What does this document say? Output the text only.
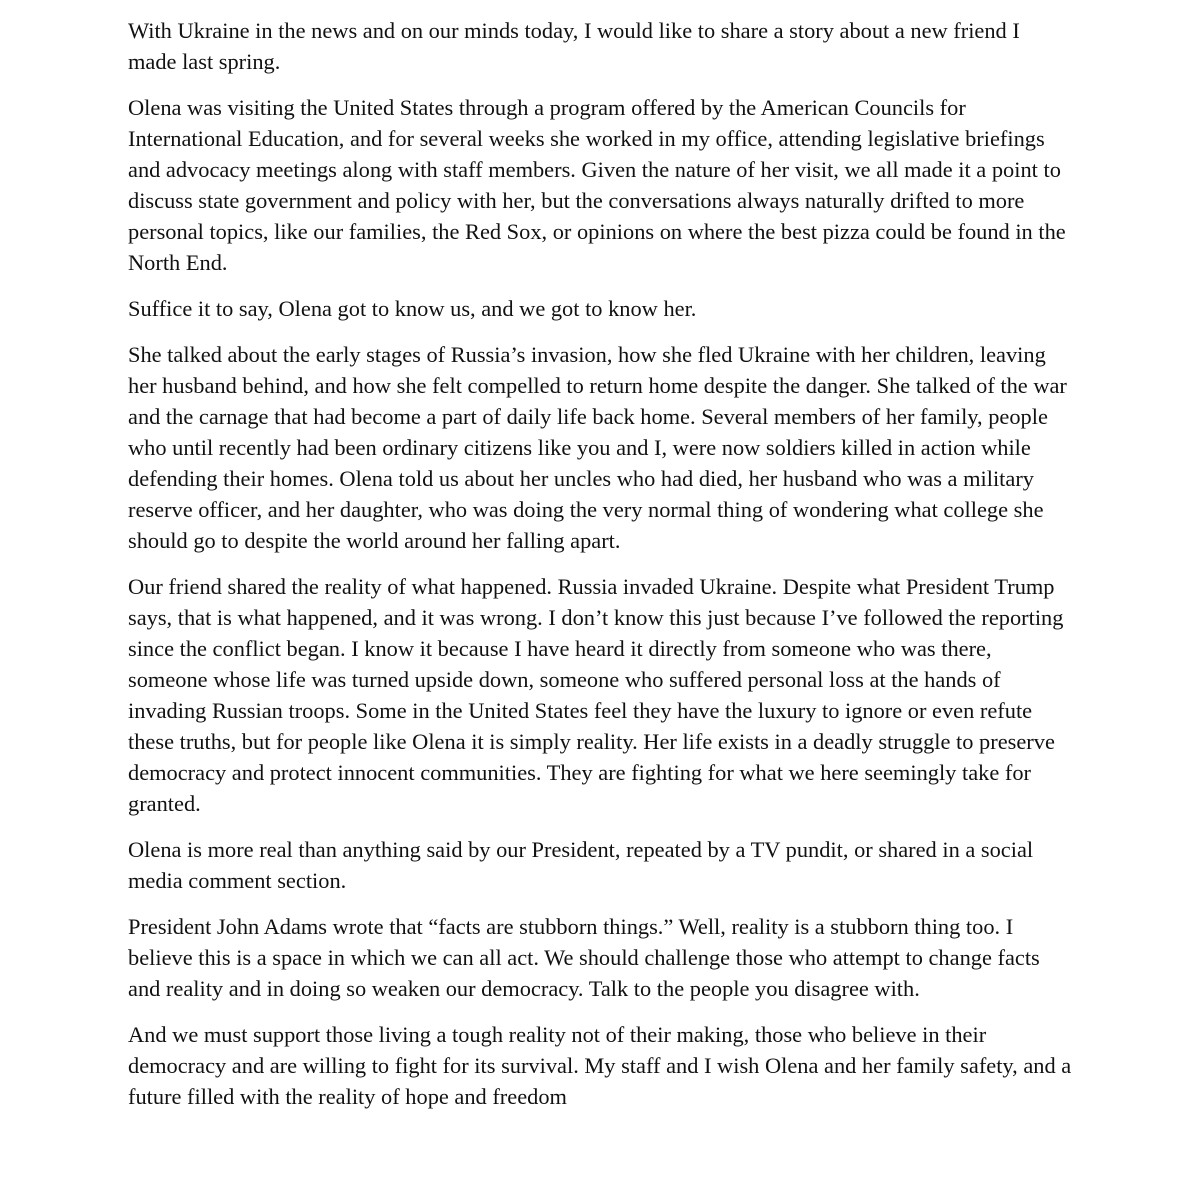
With Ukraine in the news and on our minds today, I would like to share a story about a new friend I made last spring.

Olena was visiting the United States through a program offered by the American Councils for International Education, and for several weeks she worked in my office, attending legislative briefings and advocacy meetings along with staff members. Given the nature of her visit, we all made it a point to discuss state government and policy with her, but the conversations always naturally drifted to more personal topics, like our families, the Red Sox, or opinions on where the best pizza could be found in the North End.

Suffice it to say, Olena got to know us, and we got to know her.

She talked about the early stages of Russia’s invasion, how she fled Ukraine with her children, leaving her husband behind, and how she felt compelled to return home despite the danger. She talked of the war and the carnage that had become a part of daily life back home. Several members of her family, people who until recently had been ordinary citizens like you and I, were now soldiers killed in action while defending their homes. Olena told us about her uncles who had died, her husband who was a military reserve officer, and her daughter, who was doing the very normal thing of wondering what college she should go to despite the world around her falling apart.

Our friend shared the reality of what happened. Russia invaded Ukraine. Despite what President Trump says, that is what happened, and it was wrong. I don’t know this just because I’ve followed the reporting since the conflict began. I know it because I have heard it directly from someone who was there, someone whose life was turned upside down, someone who suffered personal loss at the hands of invading Russian troops. Some in the United States feel they have the luxury to ignore or even refute these truths, but for people like Olena it is simply reality. Her life exists in a deadly struggle to preserve democracy and protect innocent communities. They are fighting for what we here seemingly take for granted.

Olena is more real than anything said by our President, repeated by a TV pundit, or shared in a social media comment section.

President John Adams wrote that “facts are stubborn things.” Well, reality is a stubborn thing too. I believe this is a space in which we can all act. We should challenge those who attempt to change facts and reality and in doing so weaken our democracy. Talk to the people you disagree with.

And we must support those living a tough reality not of their making, those who believe in their democracy and are willing to fight for its survival. My staff and I wish Olena and her family safety, and a future filled with the reality of hope and freedom
